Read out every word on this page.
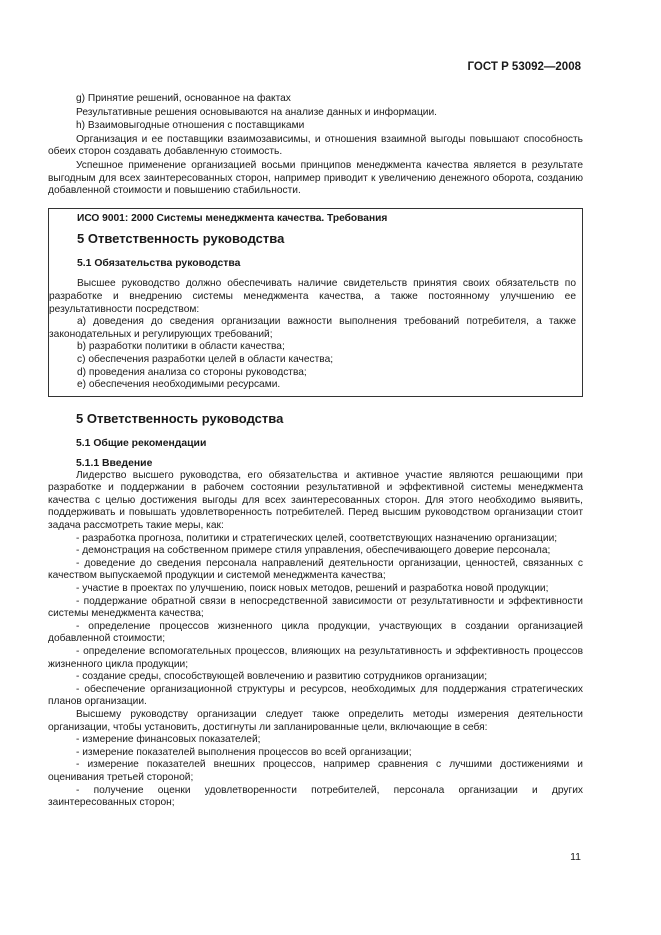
ГОСТ Р 53092—2008

g) Принятие решений, основанное на фактах

Результативные решения основываются на анализе данных и информации.

h) Взаимовыгодные отношения с поставщиками

Организация и ее поставщики взаимозависимы, и отношения взаимной выгоды повышают способность обеих сторон создавать добавленную стоимость.

Успешное применение организацией восьми принципов менеджмента качества является в результате выгодным для всех заинтересованных сторон, например приводит к увеличению денежного оборота, созданию добавленной стоимости и повышению стабильности.

ИСО 9001: 2000 Системы менеджмента качества. Требования
5 Ответственность руководства
5.1 Обязательства руководства

Высшее руководство должно обеспечивать наличие свидетельств принятия своих обязательств по разработке и внедрению системы менеджмента качества, а также постоянному улучшению ее результативности посредством:

a) доведения до сведения организации важности выполнения требований потребителя, а также законодательных и регулирующих требований;

b) разработки политики в области качества;

c) обеспечения разработки целей в области качества;

d) проведения анализа со стороны руководства;

e) обеспечения необходимыми ресурсами.

5 Ответственность руководства
5.1 Общие рекомендации
5.1.1 Введение

Лидерство высшего руководства, его обязательства и активное участие являются решающими при разработке и поддержании в рабочем состоянии результативной и эффективной системы менеджмента качества с целью достижения выгоды для всех заинтересованных сторон. Для этого необходимо выявить, поддерживать и повышать удовлетворенность потребителей. Перед высшим руководством организации стоит задача рассмотреть такие меры, как:

- разработка прогноза, политики и стратегических целей, соответствующих назначению организации;

- демонстрация на собственном примере стиля управления, обеспечивающего доверие персонала;

- доведение до сведения персонала направлений деятельности организации, ценностей, связанных с качеством выпускаемой продукции и системой менеджмента качества;

- участие в проектах по улучшению, поиск новых методов, решений и разработка новой продукции;

- поддержание обратной связи в непосредственной зависимости от результативности и эффективности системы менеджмента качества;

- определение процессов жизненного цикла продукции, участвующих в создании организацией добавленной стоимости;

- определение вспомогательных процессов, влияющих на результативность и эффективность процессов жизненного цикла продукции;

- создание среды, способствующей вовлечению и развитию сотрудников организации;

- обеспечение организационной структуры и ресурсов, необходимых для поддержания стратегических планов организации.

Высшему руководству организации следует также определить методы измерения деятельности организации, чтобы установить, достигнуты ли запланированные цели, включающие в себя:

- измерение финансовых показателей;

- измерение показателей выполнения процессов во всей организации;

- измерение показателей внешних процессов, например сравнения с лучшими достижениями и оценивания третьей стороной;

- получение оценки удовлетворенности потребителей, персонала организации и других заинтересованных сторон;

11
